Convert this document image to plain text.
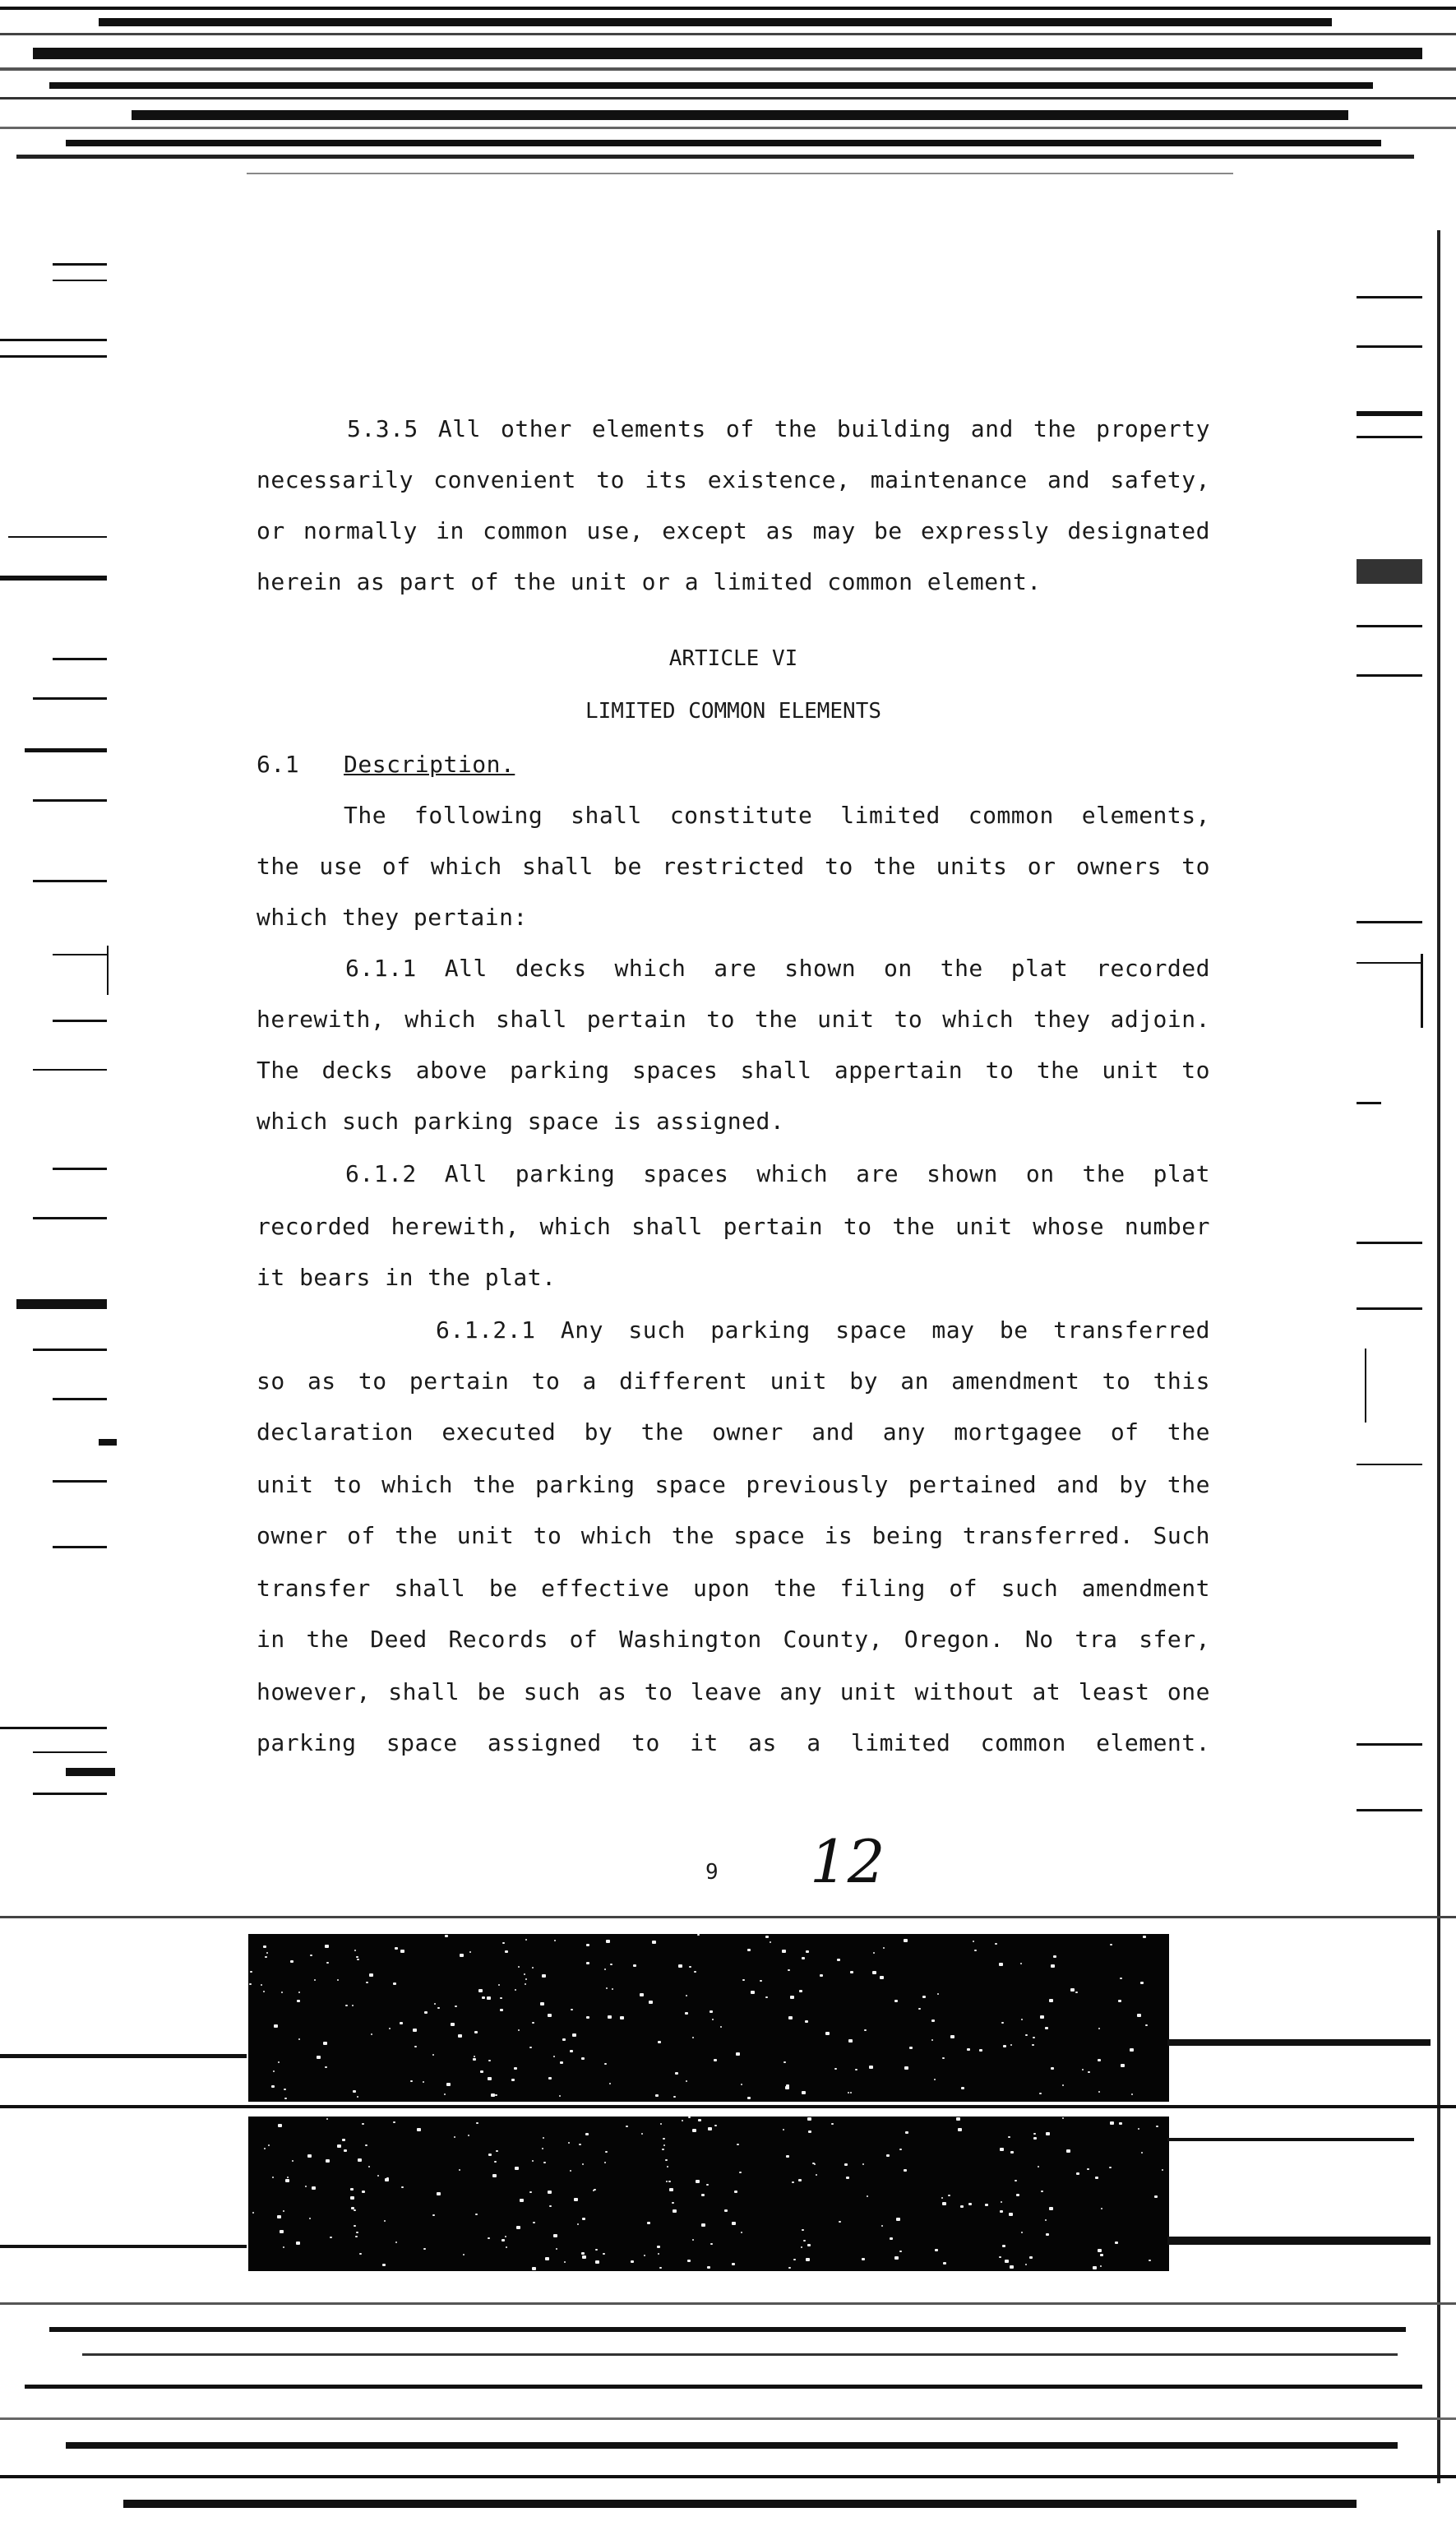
5.3.5 All other elements of the building and the property
necessarily convenient to its existence, maintenance and safety,
or normally in common use, except as may be expressly designated
herein as part of the unit or a limited common element.
ARTICLE VI
LIMITED COMMON ELEMENTS
6.1	Description.
The following shall constitute limited common elements,
the use of which shall be restricted to the units or owners to
which they pertain:
6.1.1 All decks which are shown on the plat recorded
herewith, which shall pertain to the unit to which they adjoin.
The decks above parking spaces shall appertain to the unit to
which such parking space is assigned.
6.1.2 All parking spaces which are shown on the plat
recorded herewith, which shall pertain to the unit whose number
it bears in the plat.
6.1.2.1 Any such parking space may be transferred
so as to pertain to a different unit by an amendment to this
declaration executed by the owner and any mortgagee of the
unit to which the parking space previously pertained and by the
owner of the unit to which the space is being transferred. Such
transfer shall be effective upon the filing of such amendment
in the Deed Records of Washington County, Oregon. No tra sfer,
however, shall be such as to leave any unit without at least one
parking space assigned to it as a limited common element.
9 12
